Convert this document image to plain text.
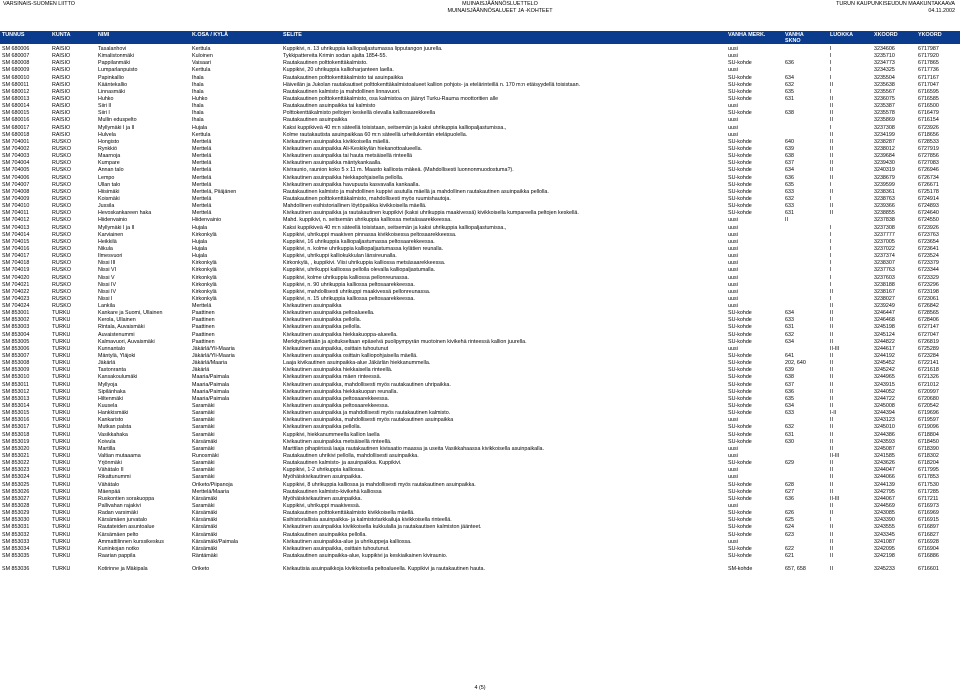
VARSINAIS-SUOMEN LIITTO	MUINAISJÄÄNNÖSLUETTELO
MUINAISJÄÄNNÖSALUEET JA -KOHTEET
TURUN KAUPUNKISEUDUN MAAKUNTAKAAVA
04.11.2002
TUNNUS	KUNTA	NIMI	K.OSA / KYLÄ	SELITE	VANHA MERK.	VANHA
SKNO
LUOKKA	XKOORD	YKOORD
SM 680006	RAISIO	Tasalanhovi	Kerttula	Kuppikivi, n. 13 uhrikuppia kalliopaljastumassa lipputangon juurella.	uusi	I	3234606	6717987
SM 680007	RAISIO	Kimalistonmäki	Kuloinen	Tykkipattereita Krimin sodan ajalta 1854-55.	uusi	I	3235710	6717920
SM 680008	RAISIO	Pappilanmäki	Vaisaari	Rautakautinen polttokenttäkalmisto.	SU-kohde	636	I	3234773	6717865
SM 680009	RAISIO	Lumparlanpuisto	Kerttula	Kuppikivi, 20 uhrikuppia kallioharjanteen laella.	uusi	I	3234325	6717736
SM 680010	RAISIO	Papinkallio	Ihala	Rautakautinen polttokenttäkalmisto tai asuinpaikka	SU-kohde	634	I	3235504	6717167
SM 680011	RAISIO	Kääntekallio	Ihala	Häiveilän ja Jukolan rautakautiset polttokenttäkalmistoalueet kallion pohjois- ja etelärinteillä n. 170 m:n etäisyydellä toisistaan.	SU-kohde	632	II	3235638	6717047
SM 680012	RAISIO	Linnasmäki	Ihala	Rautakautinen kalmisto ja mahdollinen linnavuori.	SU-kohde	635	I	3235567	6716595
SM 680013	RAISIO	Huhko	Huhko	Rautakautinen polttokenttäkalmisto, osa kalmistoa on jäänyt Turku-Rauma moottoritien alle	SU-kohde	631	II	3236075	6716585
SM 680014	RAISIO	Siiri II	Ihala	Rautakautinen asuinpaikka tai kalmisto	uusi	II	3235387	6716500
SM 680015	RAISIO	Siiri I	Ihala	Polttokenttäkalmisto peltojen keskellä olevalla kalliosaarekkeella	SU-kohde	638	II	3235578	6716479
SM 680016	RAISIO	Mullin eduspelto	Ihala	Rautakautinen asuinpaikka	uusi	II	3235869	6716154
SM 680017	RAISIO	Myllymäki I ja II	Hujala	Kaksi kuppikiveä 40 m:n säteellä toisistaan, seitsemän ja kaksi uhrikuppia kalliopaljastumissa.,	uusi	I	3237308	6723926
SM 680018	RAISIO	Hulvela	Kerttula	Kolme rautakautista asuinpaikkaa 60 m:n säteellä urheilukentän eteläpuolella.	uusi	II	3234199	6718656
SM 704001	RUSKO	Hongisto	Merttelä	Kivikautinen asuinpaikka kivikkoisella mäellä.	SU-kohde	640	II	3238287	6728533
SM 704002	RUSKO	Rynkkiö	Merttelä	Kivikautinen asuinpaikka Ali-Keskikylän hiekanottoalueella.	SU-kohde	639	II	3238012	6727919
SM 704003	RUSKO	Maarnoja	Merttelä	Kivikautinen asuinpaikka tai hauta metsäisellä rinteellä	SU-kohde	638	II	3239684	6727856
SM 704004	RUSKO	Kumpare	Merttelä	Kivikautinen asuinpaikka mäntykankaalla.	SU-kohde	637	II	3239430	6727083
SM 704005	RUSKO	Annan talo	Merttelä	Kiviraunio, raunion koko 5 x 11 m. Maasto kalliosta mäkeä. (Mahdollisesti luonnonmuodostuma?).	SU-kohde	634	II	3240319	6726946
SM 704006	RUSKO	Lempo	Merttelä	Kivikautinen asuinpaikka hiekkapohjaisella pellolla.	SU-kohde	636	II	3238679	6726734
SM 704007	RUSKO	Ullan talo	Merttelä	Kivikautinen asuinpaikka havupuuta kasvavalla kankaalla.	SU-kohde	635	I	3239599	6726671
SM 704008	RUSKO	Hiisimäki	Merttelä, Piiäjänen	Rautakautinen kalmisto ja mahdollinen kuppivi asutulla mäellä ja mahdollinen rautakautinen asuinpaikka pellolla.	SU-kohde	633	II	3238361	6725178
SM 704009	RUSKO	Koismäki	Merttelä	Rautakautinen polttokenttäkalmisto, mahdollisesti myös ruumishautoja.	SU-kohde	632	I	3238763	6724914
SM 704010	RUSKO	Jussila	Merttelä	Mahdollinen esihistoriallinen löytöpaikka kivikkoisella mäellä.	SU-kohde	633	II	3239366	6724893
SM 704011	RUSKO	Hevoskankareen haka	Merttelä	Kivikautinen asuinpaikka ja rautakautinen kuppikivi (kaksi uhrikuppia maakivessä) kivikkoisella kumpareella peltojen keskellä.	SU-kohde	631	II	3238855	6724640
SM 704012	RUSKO	Hiidenvainio	Hiidenvainio	Mahd. kuppikivi, n. seitsemän uhrikuppia kalliossa metsäsaarekkeessa.	uusi	II	3237838	6724550
SM 704013	RUSKO	Myllymäki I ja II	Hujala	Kaksi kuppikiveä 40 m:n säteellä toisistaan, seitsemän ja kaksi uhrikuppia kalliopaljastumissa.,	uusi	I	3237308	6723926
SM 704014	RUSKO	Karviainen	Kirkonkylä	Kuppikivi, uhrikuppi maakiven pinnassa kivikkoisessa peltosaarekkeessa.	uusi	I	3237777	6723763
SM 704015	RUSKO	Heikkilä	Hujala	Kuppikivi, 16 uhrikuppia kalliopaljastumassa peltosaarekkeessa.	uusi	I	3237005	6723654
SM 704016	RUSKO	Nikula	Hujala	Kuppikivi, n. kolme uhrikuppia kalliopaljastumassa kylätien reunalla.	uusi	I	3237022	6723641
SM 704017	RUSKO	Ilmesvuori	Hujala	Kuppikivi, uhrikuppi kalliokukkulan länsireunalla.	uusi	I	3237374	6723524
SM 704018	RUSKO	Nissi III	Kirkonkylä	Kirkonkylä, , kuppikivi. Viisi uhrikuppia kalliossa metsäsaarekkeessa.	uusi	I	3238307	6723379
SM 704019	RUSKO	Nissi VI	Kirkonkylä	Kuppikivi, uhrikuppi kalliossa pellolla olevalla kalliopaljastumalla.	uusi	I	3237763	6723344
SM 704020	RUSKO	Nissi V	Kirkonkylä	Kuppikivi, kolme uhrikuppia kalliossa pellonreunassa.	uusi	I	3237603	6723329
SM 704021	RUSKO	Nissi IV	Kirkonkylä	Kuppikivi, n. 90 uhrikuppia kalliossa peltosaarekkeessa.	uusi	I	3238188	6723296
SM 704022	RUSKO	Nissi IV	Kirkonkylä	Kuppikivi, mahdollisesti uhrikuppi maakivessä pellonreunassa.	uusi	II	3238167	6723198
SM 704023	RUSKO	Nissi I	Kirkonkylä	Kuppikivi, n. 15 uhrikuppia kalliossa peltosaarekkeessa.	uusi	I	3238027	6723061
SM 704024	RUSKO	Lankila	Merttelä	Kivikautinen asuinpaikka	uusi	II	3239249	6726842
SM 853001	TURKU	Kankare ja Suomi, Ullainen	Paattinen	Kivikautinen asuinpaikka peltoalueella.	SU-kohde	634	II	3246447	6728565
SM 853002	TURKU	Kerola, Ullainen	Paattinen	Kivikautinen asuinpaikka pellolla.	SU-kohde	633	II	3246468	6728406
SM 853003	TURKU	Rintala, Auvaismäki	Paattinen	Kivikautinen asuinpaikka pellolla.	SU-kohde	631	II	3245198	6727147
SM 853004	TURKU	Auvaistenummi	Paattinen	Kivikautinen asuinpaikka hiekkakuoppa-alueella.	SU-kohde	632	II	3245124	6727047
SM 853005	TURKU	Kalmavuori, Auvaismäki	Paattinen	Merkityksettään ja ajoitukseltaan epäselvä puolipympyrän muotoinen kivikehä rinteessä kallion juurella.	SU-kohde	634	II	3244822	6726819
SM 853006	TURKU	Kunnantalo	Jäkärlä/Yli-Maaria	Kivikautinen asuinpaikka, osittain tuhoutunut	uusi	II-III	3244617	6725289
SM 853007	TURKU	Mäntylä, Yläjoki	Jäkärlä/Yli-Maaria	Kivikautinen asuinpaikka osittain kalliopohjaisella mäellä.	SU-kohde	641	II	3244192	6723284
SM 853008	TURKU	Jäkärlä	Jäkärlä/Maaria	Laaja kivikautinen asuinpaikka-alue Jäkärlän hiekkanummella.	SU-kohde	202, 640	II	3245452	6722141
SM 853009	TURKU	Tastonranta	Jäkärlä	Kivikautinen asuinpaikka hiekkaisella rinteellä.	SU-kohde	639	II	3245242	6721618
SM 853010	TURKU	Kansakoulumäki	Maaria/Paimala	Kivikautinen asuinpaikka mäen rinteessä.	SU-kohde	638	II	3244965	6721326
SM 853011	TURKU	Myllyoja	Maaria/Paimala	Kivikautinen asuinpaikka, mahdollisesti myös rautakautinen uhripaikka.	SU-kohde	637	II	3243915	6721012
SM 853012	TURKU	Sipilänhaka	Maaria/Paimala	Kivikautinen asuinpaikka hiekkakuopan reunalla.	SU-kohde	636	II	3244052	6720997
SM 853013	TURKU	Hiltenmäki	Maaria/Paimala	Kivikautinen asuinpaikka peltosaarekkeessa.	SU-kohde	635	II	3244722	6720680
SM 853014	TURKU	Kuusela	Saramäki	Kivikautinen asuinpaikka peltosaarekkeessa.	SU-kohde	634	II	3245008	6720542
SM 853015	TURKU	Hankkismäki	Saramäki	Kivikautinen asuinpaikka ja mahdollisesti myös rautakautinen kalmisto.	SU-kohde	633	I-II	3244394	6719696
SM 853016	TURKU	Kankaristo	Saramäki	Kivikautinen asuinpaikka, mahdollisesti myös rautakautinen asuinpaikka	uusi	II	3243123	6719597
SM 853017	TURKU	Mutkan palsta	Saramäki	Kivikautinen asuinpaikka pellolla.	SU-kohde	632	II	3245010	6719096
SM 853018	TURKU	Vasikkahaka	Saramäki	Kuppikivi, hiekkanummeella kallion laella	SU-kohde	631	II	3244386	6718804
SM 853019	TURKU	Koivula	Kärsämäki	Kivikautinen asuinpaikka metsäisellä rinteellä.	SU-kohde	630	II	3243593	6718450
SM 853020	TURKU	Martilla	Saramäki	Marttilan pihapiirissä laaja rautakautinen kivisaatio maassa ja useita Vasikkahaassa kivikkoisella asuinpaikalla.	uusi	II	3245087	6718390
SM 853021	TURKU	Valtian mutaaama	Runosmäki	Rautakautinen uhrikivi pellolla, mahdollisesti asuinpaikka.	uusi	II-III	3241585	6718302
SM 853022	TURKU	Yrjönmäki	Saramäki	Rautakautinen kalmisto- ja asuinpaikka. Kuppikivi.	SU-kohde	629	II	3243626	6718204
SM 853023	TURKU	Vähätalo II	Saramäki	Kuppikivi, 1-2 uhrikuppia kalliossa.	uusi	II	3244047	6717995
SM 853024	TURKU	Rikattunummi	Saramäki	Myöhäiskivikautinen asuinpaikka.	uusi	II	3244066	6717853
SM 853025	TURKU	Vähätalo	Oriketo/Piipanoja	Kuppikivi, 8 uhrikuppia kalliossa ja mahdollisesti myös rautakautinen asuinpaikka.	SU-kohde	628	II	3244139	6717530
SM 853026	TURKU	Mäenpää	Merttelä/Maaria	Rautakautinen kalmisto-kivikehä kalliossa	SU-kohde	627	II	3242795	6717285
SM 853027	TURKU	Ruskontien sorakuoppa	Kärsämäki	Myöhäiskivikautinen asuinpaikka.	SU-kohde	636	II-III	3244067	6717211
SM 853028	TURKU	Pallivahan rajakivi	Saramäki	Kuppikivi, uhrikuppi maakivessä.	uusi	II	3244569	6716973
SM 853029	TURKU	Radan varsimäki	Kärsämäki	Rautakautinen polttokenttäkalmisto kivikkoisella mäellä.	SU-kohde	626	II	3243085	6716969
SM 853030	TURKU	Kärsämäen jurvatalo	Kärsämäki	Esihistoriallisia asuinpaikka- ja kalmistotarkkailuja kivikkoisella rinteellä.	SU-kohde	625	I	3243390	6716915
SM 853031	TURKU	Rautateiden asuntoalue	Kärsämäki	Kivikautinen asuinpaikka kivikkoisella kukkulalla ja rautakautisen kalmiston jäänteet.	SU-kohde	624	II	3243555	6716897
SM 853032	TURKU	Kärsämäen pelto	Kärsämäki	Rautakautinen asuinpaikka pellolla.	SU-kohde	623	II	3243345	6716827
SM 853033	TURKU	Ammattilinnen kurssikeskus	Kärsämäki/Paimala	Kivikautinen asuinpaikka-alue ja uhrikuppeja kalliossa.	uusi	II	3241087	6716928
SM 853034	TURKU	Kuninkojan notko	Kärsämäki	Kivikautinen asuinpaikka, osittain tuhoutunut.	SU-kohde	622	II	3242095	6716904
SM 853035	TURKU	Raarian pappila	Räntämäki	Rautakautinen asuinpaikka-alue, kuppikivi ja keskiaikainen kiviraunio.	SU-kohde	621	II	3242198	6716886
SM 853036	TURKU	Kotirinne ja Mäkipala	Oriketo	Kivikautisia asuinpaikkoja kivikkoisella peltoalueella. Kuppikivi ja rautakautinen hauta.	SM-kohde	657, 658	II	3245233	6716601
4 (5)
